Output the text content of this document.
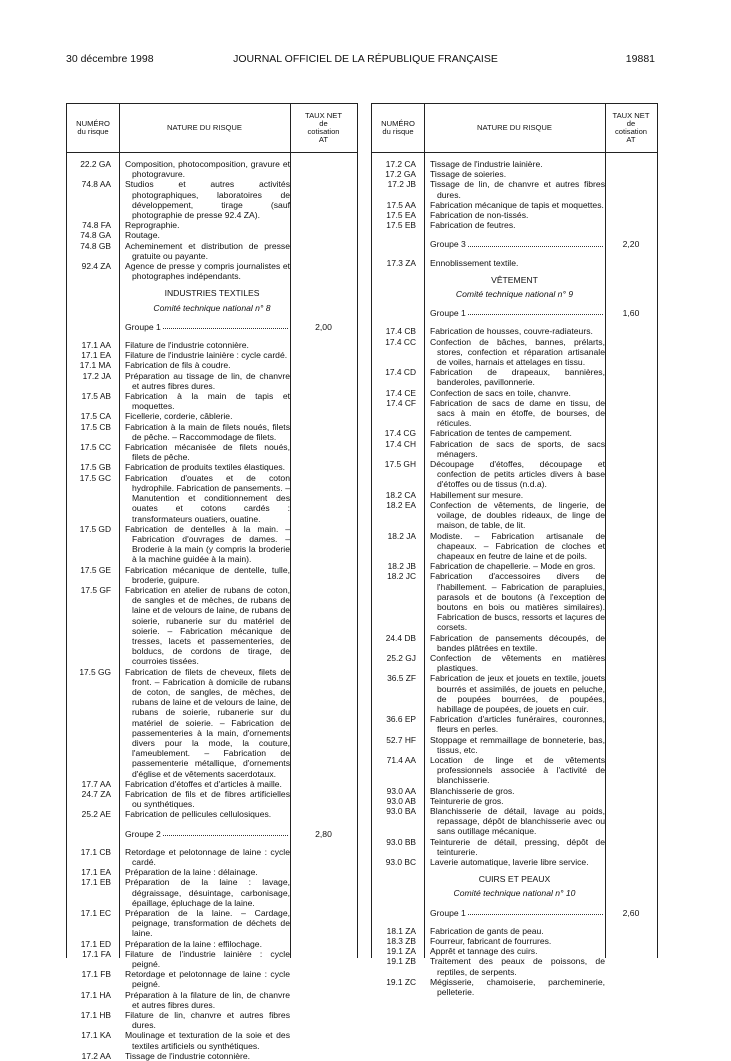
30 décembre 1998	JOURNAL OFFICIEL DE LA RÉPUBLIQUE FRANÇAISE	19881
NUMÉRO
du risque	NATURE DU RISQUE
TAUX NET
de
cotisation
AT
22.2 GA Composition, photocomposition, gravure et photogravure.
74.8 AA Studios et autres activités photographiques, laboratoires de développement, tirage (sauf photographie de presse 92.4 ZA).
74.8 FA Reprographie.
74.8 GA Routage.
74.8 GB Acheminement et distribution de presse gratuite ou payante.
92.4 ZA Agence de presse y compris journalistes et photographes indépendants.
INDUSTRIES TEXTILES
Comité technique national n° 8
Groupe 1	2,00
17.1 AA Filature de l'industrie cotonnière.
17.1 EA Filature de l'industrie lainière : cycle cardé.
17.1 MA Fabrication de fils à coudre.
17.2 JA Préparation au tissage de lin, de chanvre et autres fibres dures.
17.5 AB Fabrication à la main de tapis et moquettes.
17.5 CA Ficellerie, corderie, câblerie.
17.5 CB Fabrication à la main de filets noués, filets de pêche. – Raccommodage de filets.
17.5 CC Fabrication mécanisée de filets noués, filets de pêche.
17.5 GB Fabrication de produits textiles élastiques.
17.5 GC Fabrication d'ouates et de coton hydrophile. Fabrication de pansements. – Manutention et conditionnement des ouates et cotons cardés : transformateurs ouatiers, ouatine.
17.5 GD Fabrication de dentelles à la main. – Fabrication d'ouvrages de dames. – Broderie à la main (y compris la broderie à la machine guidée à la main).
17.5 GE Fabrication mécanique de dentelle, tulle, broderie, guipure.
17.5 GF Fabrication en atelier de rubans de coton, de sangles et de mèches, de rubans de laine et de velours de laine, de rubans de soierie, rubanerie sur du matériel de soierie. – Fabrication mécanique de tresses, lacets et passementeries, de bolducs, de cordons de tirage, de courroies tissées.
17.5 GG Fabrication de filets de cheveux, filets de front. – Fabrication à domicile de rubans de coton, de sangles, de mèches, de rubans de laine et de velours de laine, de rubans de soierie, rubanerie sur du matériel de soierie. – Fabrication de passementeries à la main, d'ornements divers pour la mode, la couture, l'ameublement. – Fabrication de passementerie métallique, d'ornements d'église et de vêtements sacerdotaux.
17.7 AA Fabrication d'étoffes et d'articles à maille.
24.7 ZA Fabrication de fils et de fibres artificielles ou synthétiques.
25.2 AE Fabrication de pellicules cellulosiques.
Groupe 2	2,80
17.1 CB Retordage et pelotonnage de laine : cycle cardé.
17.1 EA Préparation de la laine : délainage.
17.1 EB Préparation de la laine : lavage, dégraissage, désuintage, carbonisage, épaillage, épluchage de la laine.
17.1 EC Préparation de la laine. – Cardage, peignage, transformation de déchets de laine.
17.1 ED Préparation de la laine : effilochage.
17.1 FA Filature de l'industrie lainière : cycle peigné.
17.1 FB Retordage et pelotonnage de laine : cycle peigné.
17.1 HA Préparation à la filature de lin, de chanvre et autres fibres dures.
17.1 HB Filature de lin, chanvre et autres fibres dures.
17.1 KA Moulinage et texturation de la soie et des textiles artificiels ou synthétiques.
17.2 AA Tissage de l'industrie cotonnière.
NUMÉRO
du risque	NATURE DU RISQUE
TAUX NET
de
cotisation
AT
17.2 CA Tissage de l'industrie lainière.
17.2 GA Tissage de soieries.
17.2 JB Tissage de lin, de chanvre et autres fibres dures.
17.5 AA Fabrication mécanique de tapis et moquettes.
17.5 EA Fabrication de non-tissés.
17.5 EB Fabrication de feutres.
Groupe 3	2,20
17.3 ZA Ennoblissement textile.
VÊTEMENT
Comité technique national n° 9
Groupe 1	1,60
17.4 CB Fabrication de housses, couvre-radiateurs.
17.4 CC Confection de bâches, bannes, prélarts, stores, confection et réparation artisanale de voiles, harnais et attelages en tissu.
17.4 CD Fabrication de drapeaux, bannières, banderoles, pavillonnerie.
17.4 CE Confection de sacs en toile, chanvre.
17.4 CF Fabrication de sacs de dame en tissu, de sacs à main en étoffe, de bourses, de réticules.
17.4 CG Fabrication de tentes de campement.
17.4 CH Fabrication de sacs de sports, de sacs ménagers.
17.5 GH Découpage d'étoffes, découpage et confection de petits articles divers à base d'étoffes ou de tissus (n.d.a).
18.2 CA Habillement sur mesure.
18.2 EA Confection de vêtements, de lingerie, de voilage, de doubles rideaux, de linge de maison, de table, de lit.
18.2 JA Modiste. – Fabrication artisanale de chapeaux. – Fabrication de cloches et chapeaux en feutre de laine et de poils.
18.2 JB Fabrication de chapellerie. – Mode en gros.
18.2 JC Fabrication d'accessoires divers de l'habillement. – Fabrication de parapluies, parasols et de boutons (à l'exception de boutons en bois ou matières similaires). Fabrication de buscs, ressorts et laçures de corsets.
24.4 DB Fabrication de pansements découpés, de bandes plâtrées en textile.
25.2 GJ Confection de vêtements en matières plastiques.
36.5 ZF Fabrication de jeux et jouets en textile, jouets bourrés et assimilés, de jouets en peluche, de poupées bourrées, de poupées, habillage de poupées, de jouets en cuir.
36.6 EP Fabrication d'articles funéraires, couronnes, fleurs en perles.
52.7 HF Stoppage et remmaillage de bonneterie, bas, tissus, etc.
71.4 AA Location de linge et de vêtements professionnels associée à l'activité de blanchisserie.
93.0 AA Blanchisserie de gros.
93.0 AB Teinturerie de gros.
93.0 BA Blanchisserie de détail, lavage au poids, repassage, dépôt de blanchisserie avec ou sans outillage mécanique.
93.0 BB Teinturerie de détail, pressing, dépôt de teinturerie.
93.0 BC Laverie automatique, laverie libre service.
CUIRS ET PEAUX
Comité technique national n° 10
Groupe 1	2,60
18.1 ZA Fabrication de gants de peau.
18.3 ZB Fourreur, fabricant de fourrures.
19.1 ZA Apprêt et tannage des cuirs.
19.1 ZB Traitement des peaux de poissons, de reptiles, de serpents.
19.1 ZC Mégisserie, chamoiserie, parcheminerie, pelleterie.
